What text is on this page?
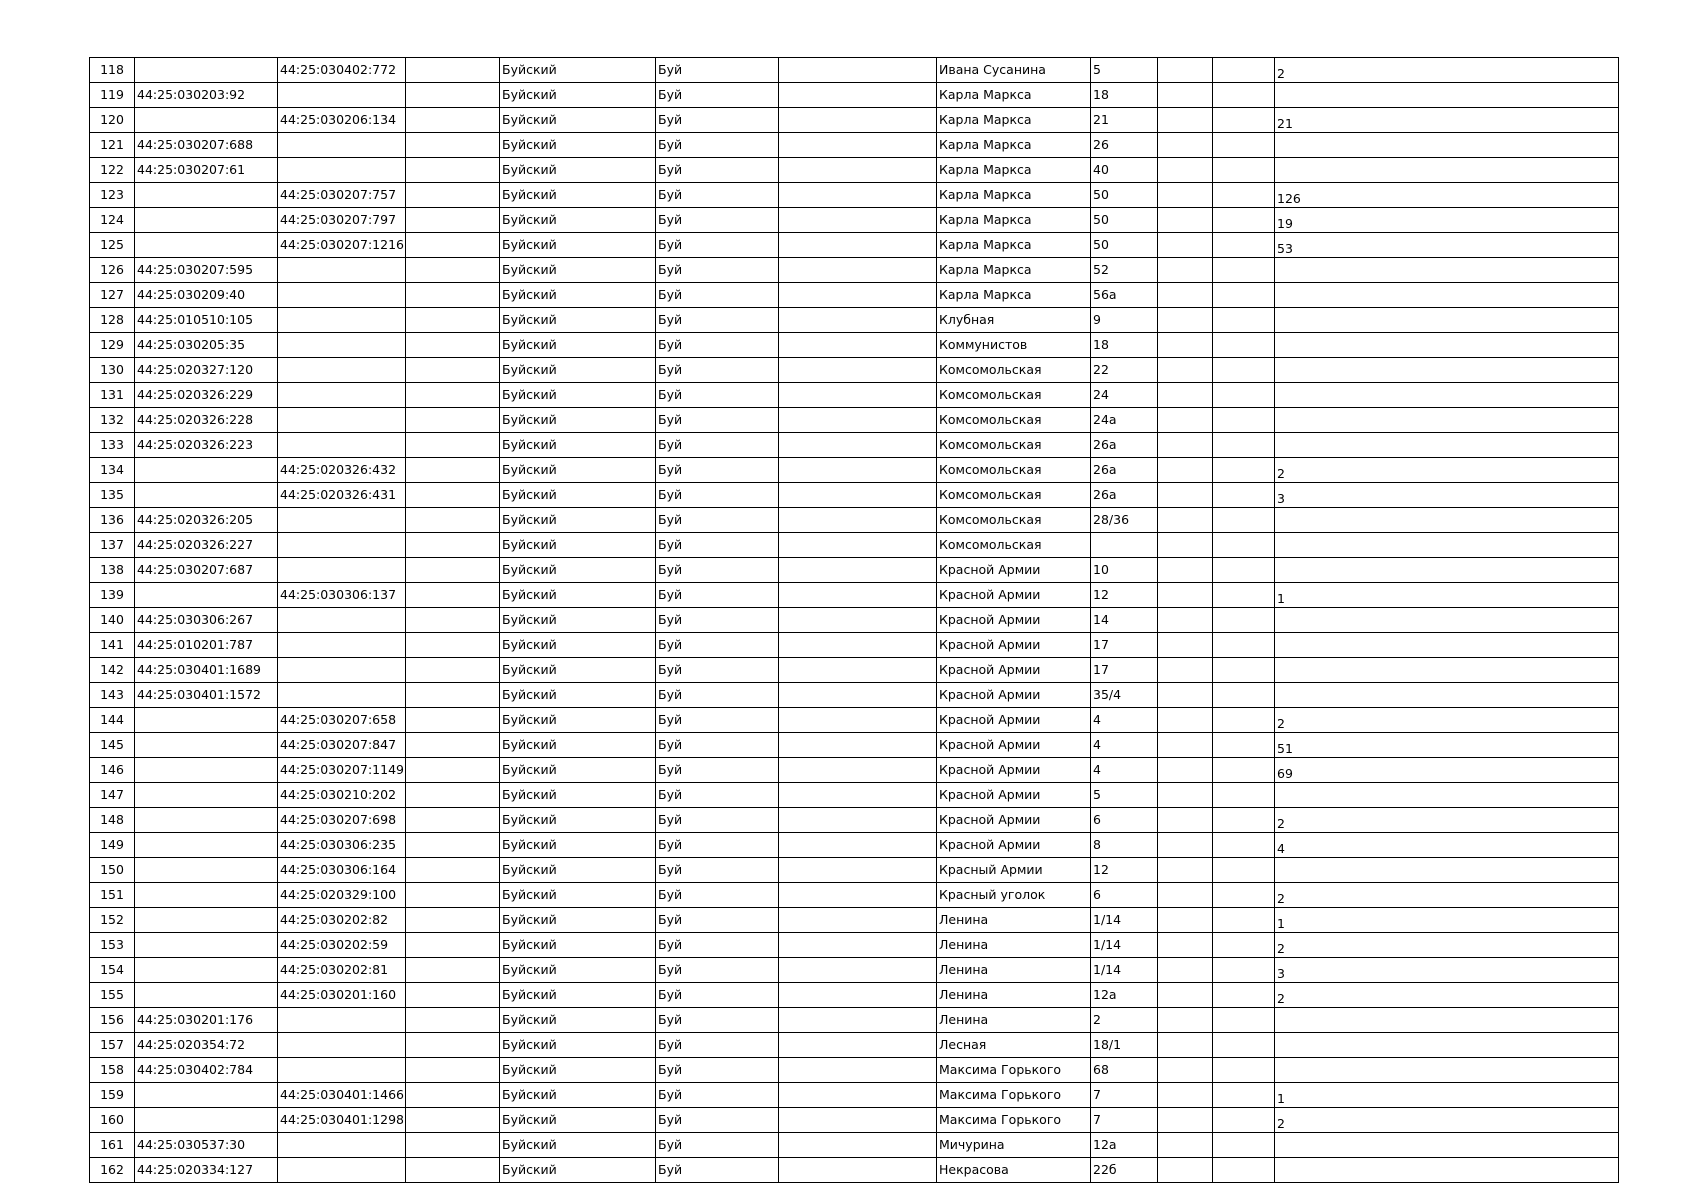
118		44:25:030402:772		Буйский	Буй		Ивана Сусанина	5			2
119	44:25:030203:92			Буйский	Буй		Карла Маркса	18			
120		44:25:030206:134		Буйский	Буй		Карла Маркса	21			21
121	44:25:030207:688			Буйский	Буй		Карла Маркса	26			
122	44:25:030207:61			Буйский	Буй		Карла Маркса	40			
123		44:25:030207:757		Буйский	Буй		Карла Маркса	50			126
124		44:25:030207:797		Буйский	Буй		Карла Маркса	50			19
125		44:25:030207:1216		Буйский	Буй		Карла Маркса	50			53
126	44:25:030207:595			Буйский	Буй		Карла Маркса	52			
127	44:25:030209:40			Буйский	Буй		Карла Маркса	56а			
128	44:25:010510:105			Буйский	Буй		Клубная	9			
129	44:25:030205:35			Буйский	Буй		Коммунистов	18			
130	44:25:020327:120			Буйский	Буй		Комсомольская	22			
131	44:25:020326:229			Буйский	Буй		Комсомольская	24			
132	44:25:020326:228			Буйский	Буй		Комсомольская	24а			
133	44:25:020326:223			Буйский	Буй		Комсомольская	26а			
134		44:25:020326:432		Буйский	Буй		Комсомольская	26а			2
135		44:25:020326:431		Буйский	Буй		Комсомольская	26а			3
136	44:25:020326:205			Буйский	Буй		Комсомольская	28/36			
137	44:25:020326:227			Буйский	Буй		Комсомольская				
138	44:25:030207:687			Буйский	Буй		Красной Армии	10			
139		44:25:030306:137		Буйский	Буй		Красной Армии	12			1
140	44:25:030306:267			Буйский	Буй		Красной Армии	14			
141	44:25:010201:787			Буйский	Буй		Красной Армии	17			
142	44:25:030401:1689			Буйский	Буй		Красной Армии	17			
143	44:25:030401:1572			Буйский	Буй		Красной Армии	35/4			
144		44:25:030207:658		Буйский	Буй		Красной Армии	4			2
145		44:25:030207:847		Буйский	Буй		Красной Армии	4			51
146		44:25:030207:1149		Буйский	Буй		Красной Армии	4			69
147		44:25:030210:202		Буйский	Буй		Красной Армии	5			
148		44:25:030207:698		Буйский	Буй		Красной Армии	6			2
149		44:25:030306:235		Буйский	Буй		Красной Армии	8			4
150		44:25:030306:164		Буйский	Буй		Красный Армии	12			
151		44:25:020329:100		Буйский	Буй		Красный уголок	6			2
152		44:25:030202:82		Буйский	Буй		Ленина	1/14			1
153		44:25:030202:59		Буйский	Буй		Ленина	1/14			2
154		44:25:030202:81		Буйский	Буй		Ленина	1/14			3
155		44:25:030201:160		Буйский	Буй		Ленина	12а			2
156	44:25:030201:176			Буйский	Буй		Ленина	2			
157	44:25:020354:72			Буйский	Буй		Лесная	18/1			
158	44:25:030402:784			Буйский	Буй		Максима Горького	68			
159		44:25:030401:1466		Буйский	Буй		Максима Горького	7			1
160		44:25:030401:1298		Буйский	Буй		Максима Горького	7			2
161	44:25:030537:30			Буйский	Буй		Мичурина	12а			
162	44:25:020334:127			Буйский	Буй		Некрасова	22б			
